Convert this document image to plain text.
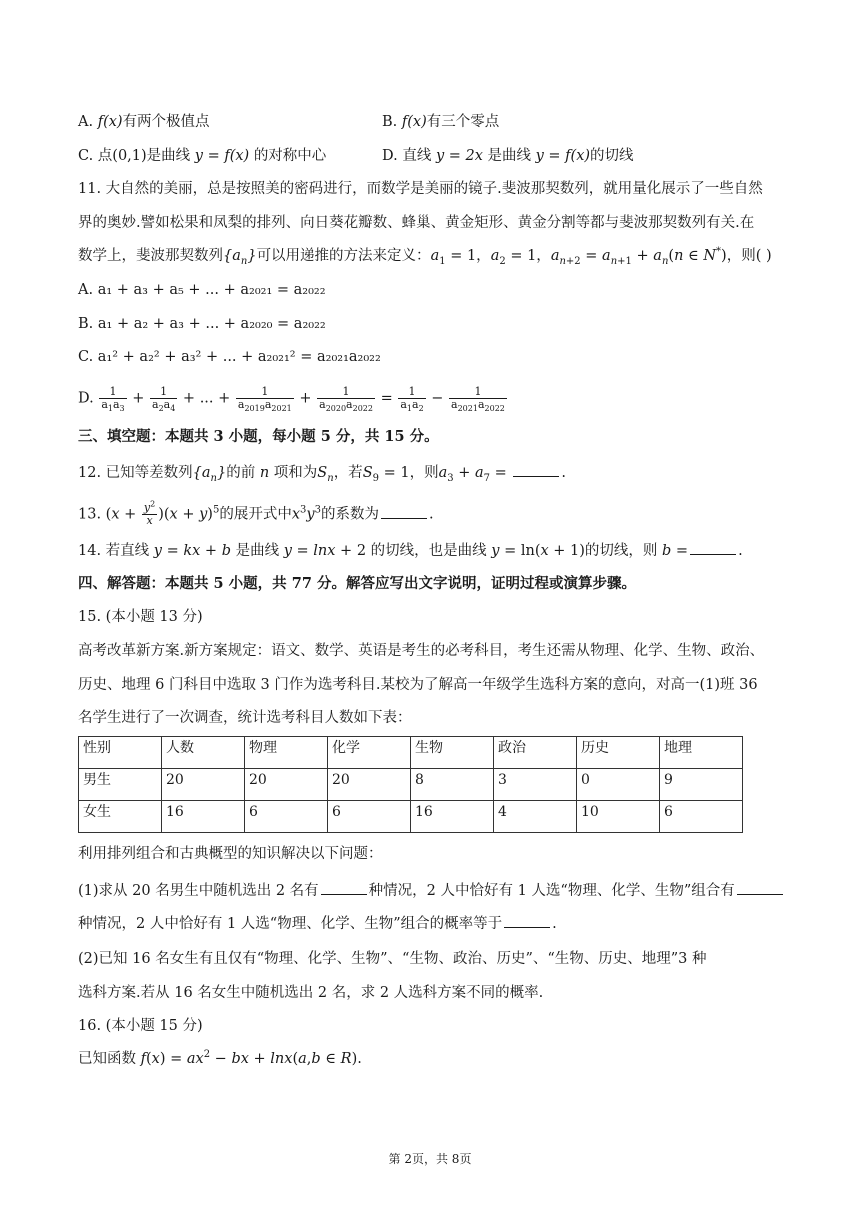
A. f(x)有两个极值点	B. f(x)有三个零点
C. 点(0,1)是曲线 y = f(x) 的对称中心	D. 直线 y = 2x 是曲线 y = f(x)的切线
11. 大自然的美丽，总是按照美的密码进行，而数学是美丽的镜子.斐波那契数列，就用量化展示了一些自然
界的奥妙.譬如松果和凤梨的排列、向日葵花瓣数、蜂巢、黄金矩形、黄金分割等都与斐波那契数列有关.在
数学上，斐波那契数列$\{a_n\}$可以用递推的方法来定义：$a_1 = 1$，$a_2 = 1$，$a_{n+2} = a_{n+1} + a_n(n$ ∈ N*)，则( )
A. a₁ + a₃ + a₅ + ... + a₂₀₂₁ = a₂₀₂₂
B. a₁ + a₂ + a₃ + ... + a₂₀₂₀ = a₂₀₂₂
C. a₁² + a₂² + a₃² + ... + a₂₀₂₁² = a₂₀₂₁a₂₀₂₂
D. $\frac{1}{a_1a_3} + \frac{1}{a_2a_4}$ + ... + $\frac{1}{a_{2019}a_{2021}} + \frac{1}{a_{2020}a_{2022}} = \frac{1}{a_1a_2} - \frac{1}{a_{2021}a_{2022}}$
三、填空题：本题共 3 小题，每小题 5 分，共 15 分。
12. 已知等差数列$\{a_n\}$的前 n 项和为$S_n$，若$S_9 = 1$，则$a_3 + a_7$ =	.
13. $(x + \frac{y^2}{x} )(x + y)^5$的展开式中$x^3y^3$的系数为	.
14. 若直线 y = kx + b 是曲线 y = lnx + 2 的切线，也是曲线 y = ln(x + 1)的切线，则 b =	.
四、解答题：本题共 5 小题，共 77 分。解答应写出文字说明，证明过程或演算步骤。
15. (本小题 13 分)
高考改革新方案.新方案规定：语文、数学、英语是考生的必考科目，考生还需从物理、化学、生物、政治、
历史、地理 6 门科目中选取 3 门作为选考科目.某校为了解高一年级学生选科方案的意向，对高一(1)班 36
名学生进行了一次调查，统计选考科目人数如下表：
性别	人数	物理	化学	生物	政治	历史	地理
男生	20	20	20	8	3	0	9
女生	16	6	6	16	4	10	6
利用排列组合和古典概型的知识解决以下问题：
(1)求从 20 名男生中随机选出 2 名有	种情况，2 人中恰好有 1 人选“物理、化学、生物”组合有
种情况，2 人中恰好有 1 人选“物理、化学、生物”组合的概率等于	.
(2)已知 16 名女生有且仅有“物理、化学、生物”、“生物、政治、历史”、“生物、历史、地理”3 种
选科方案.若从 16 名女生中随机选出 2 名，求 2 人选科方案不同的概率.
16. (本小题 15 分)
已知函数 $f(x) = ax^2$ − bx + lnx(a,b ∈ R).
第 2页，共 8页
